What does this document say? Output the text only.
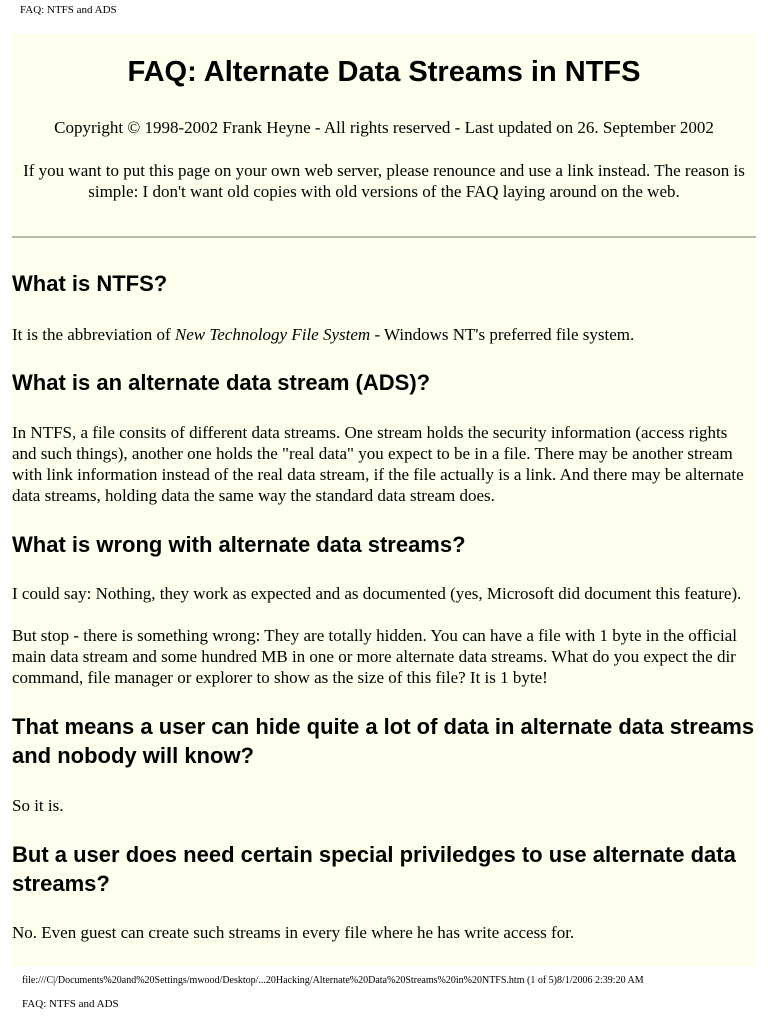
FAQ: NTFS and ADS
FAQ: Alternate Data Streams in NTFS

Copyright © 1998-2002 Frank Heyne - All rights reserved - Last updated on 26. September 2002

If you want to put this page on your own web server, please renounce and use a link instead. The reason is simple: I don't want old copies with old versions of the FAQ laying around on the web.

What is NTFS?

It is the abbreviation of New Technology File System - Windows NT's preferred file system.

What is an alternate data stream (ADS)?

In NTFS, a file consits of different data streams. One stream holds the security information (access rights and such things), another one holds the "real data" you expect to be in a file. There may be another stream with link information instead of the real data stream, if the file actually is a link. And there may be alternate data streams, holding data the same way the standard data stream does.

What is wrong with alternate data streams?

I could say: Nothing, they work as expected and as documented (yes, Microsoft did document this feature).

But stop - there is something wrong: They are totally hidden. You can have a file with 1 byte in the official main data stream and some hundred MB in one or more alternate data streams. What do you expect the dir command, file manager or explorer to show as the size of this file? It is 1 byte!

That means a user can hide quite a lot of data in alternate data streams and nobody will know?

So it is.

But a user does need certain special priviledges to use alternate data streams?

No. Even guest can create such streams in every file where he has write access for.

file:///C|/Documents%20and%20Settings/mwood/Desktop/...20Hacking/Alternate%20Data%20Streams%20in%20NTFS.htm (1 of 5)8/1/2006 2:39:20 AM
FAQ: NTFS and ADS
